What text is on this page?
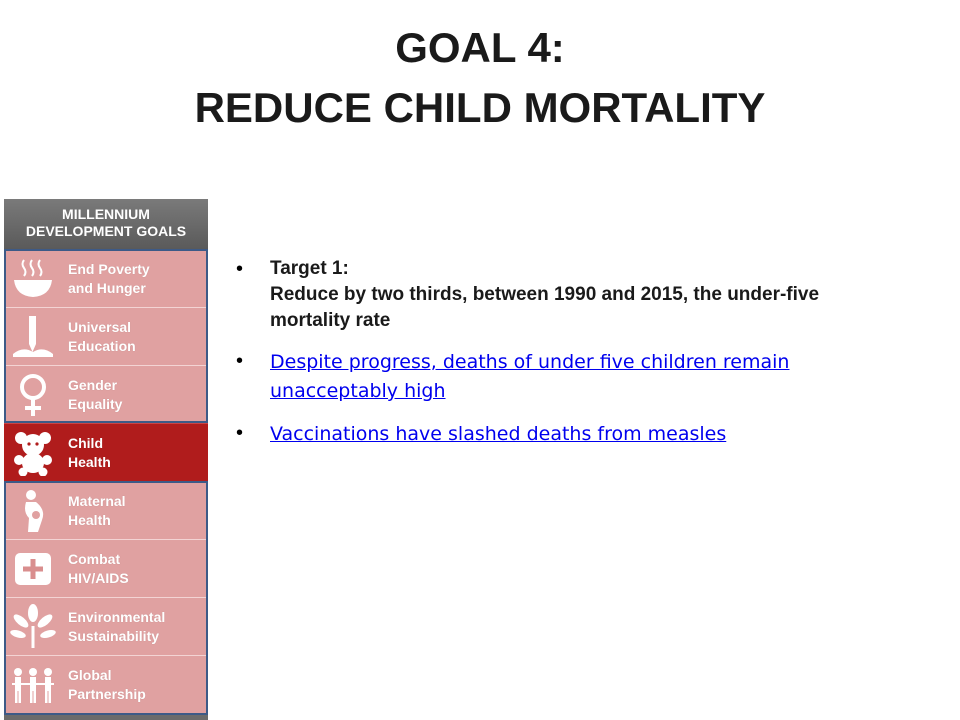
GOAL 4:
REDUCE CHILD MORTALITY
MILLENNIUM
DEVELOPMENT GOALS
End Poverty
and Hunger
Universal
Education
Gender
Equality
Child
Health
Maternal
Health
Combat
HIV/AIDS
Environmental
Sustainability
Global
Partnership
• Target 1:
Reduce by two thirds, between 1990 and 2015, the under-five mortality rate
• Despite progress, deaths of under five children remain unacceptably high
• Vaccinations have slashed deaths from measles
